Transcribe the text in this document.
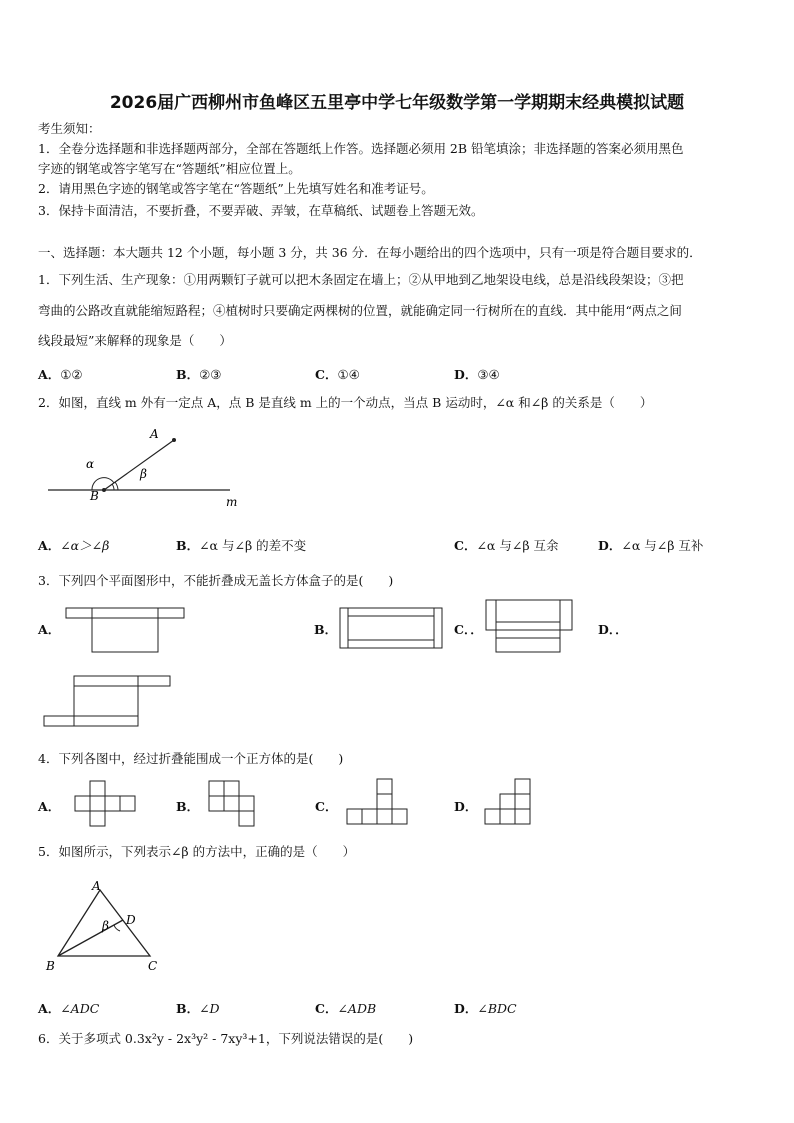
2026届广西柳州市鱼峰区五里亭中学七年级数学第一学期期末经典模拟试题
考生须知：
1．全卷分选择题和非选择题两部分，全部在答题纸上作答。选择题必须用 2B 铅笔填涂；非选择题的答案必须用黑色
字迹的钢笔或答字笔写在“答题纸”相应位置上。
2．请用黑色字迹的钢笔或答字笔在“答题纸”上先填写姓名和准考证号。
3．保持卡面清洁，不要折叠，不要弄破、弄皱，在草稿纸、试题卷上答题无效。
一、选择题：本大题共 12 个小题，每小题 3 分，共 36 分．在每小题给出的四个选项中，只有一项是符合题目要求的．
1．下列生活、生产现象：①用两颗钉子就可以把木条固定在墙上；②从甲地到乙地架设电线，总是沿线段架设；③把
弯曲的公路改直就能缩短路程；④植树时只要确定两棵树的位置，就能确定同一行树所在的直线．其中能用“两点之间
线段最短”来解释的现象是（　　）
A．①②	B．②③	C．①④	D．③④
2．如图，直线 m 外有一定点 A，点 B 是直线 m 上的一个动点，当点 B 运动时，∠α 和∠β 的关系是（　　）
A
B	m
α
β
A．∠α＞∠β	B．∠α 与∠β 的差不变	C．∠α 与∠β 互余	D．∠α 与∠β 互补
3．下列四个平面图形中，不能折叠成无盖长方体盒子的是(　　)
A．	B．	C．．	D．．
4．下列各图中，经过折叠能围成一个正方体的是(　　)
A．	B．	C．	D．
5．如图所示，下列表示∠β 的方法中，正确的是（　　）
A
B	C
D
β
A．∠ADC	B．∠D	C．∠ADB	D．∠BDC
6．关于多项式 0.3x²y - 2x³y² - 7xy³+1，下列说法错误的是(　　)
